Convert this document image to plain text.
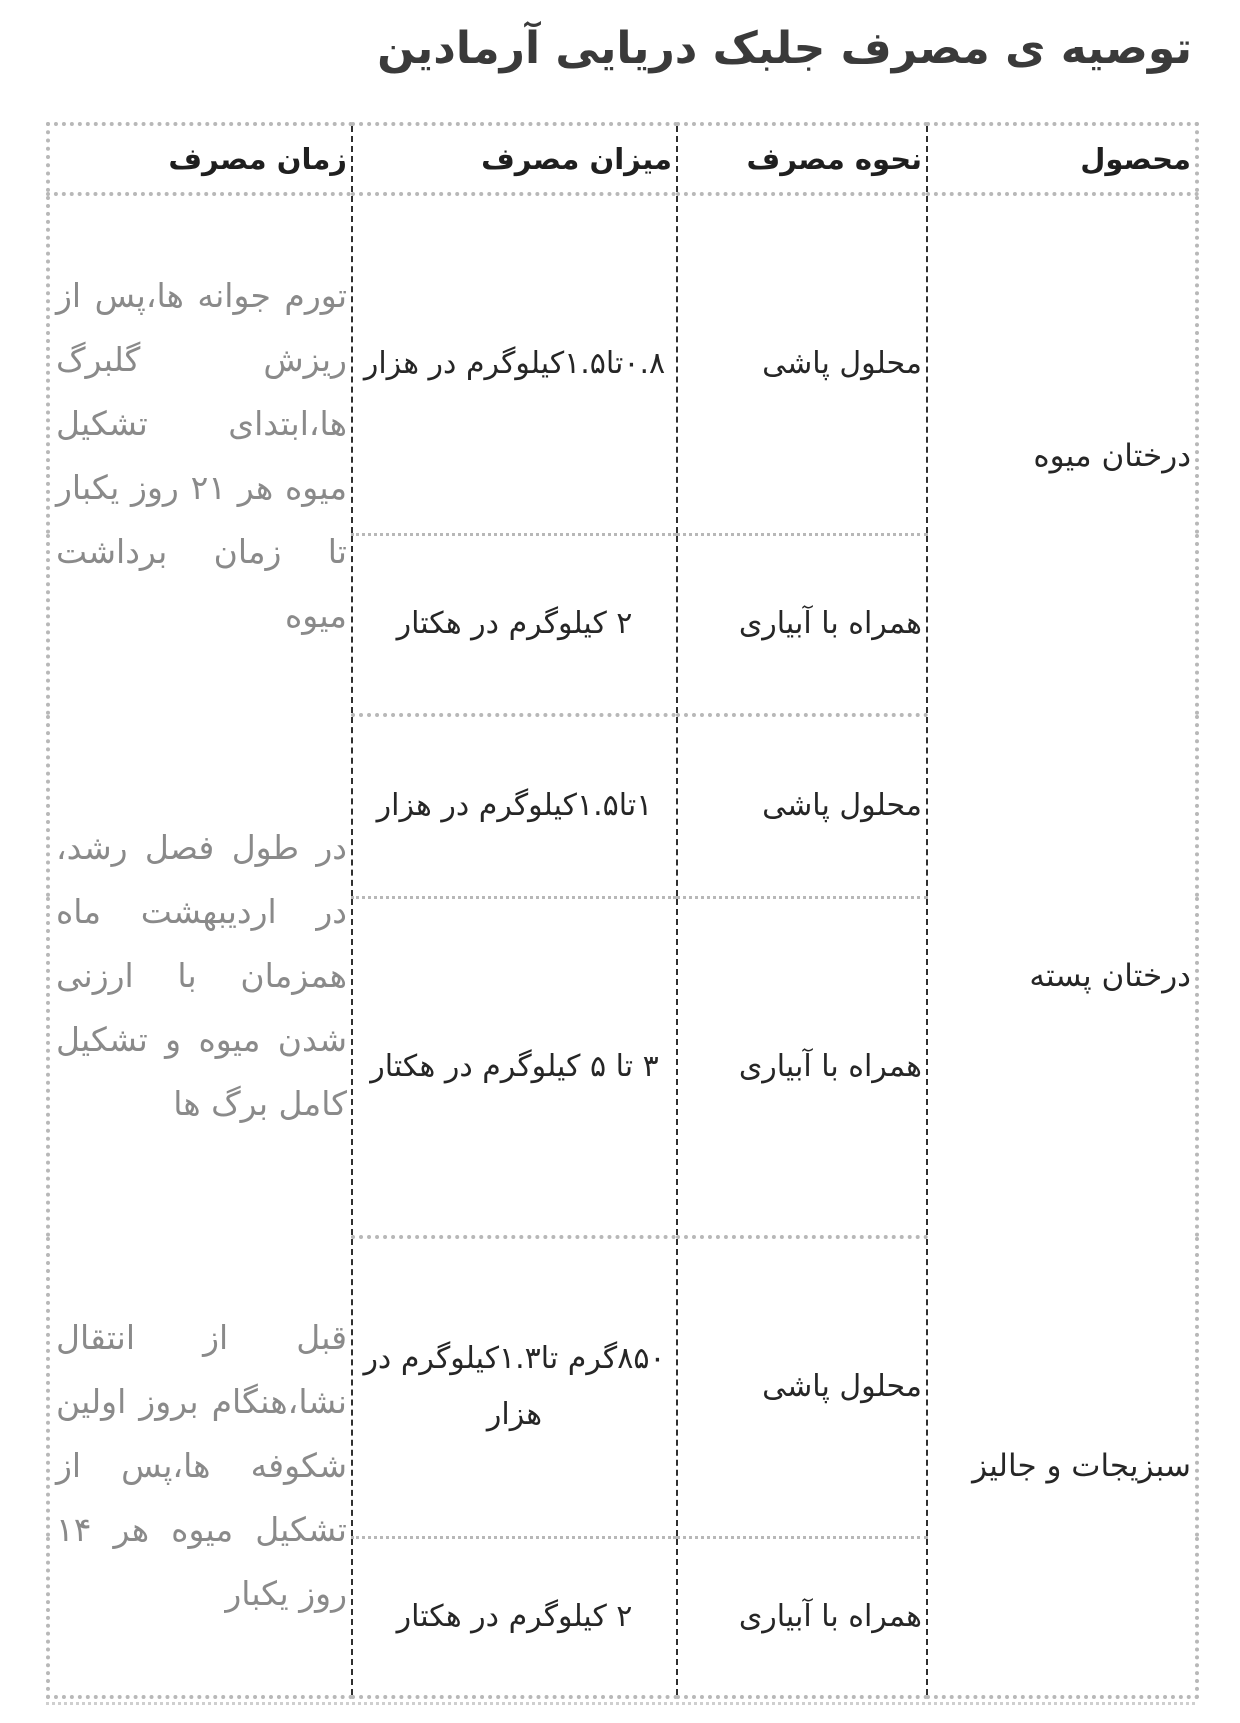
توصیه ی مصرف جلبک دریایی آرمادین
محصول	نحوه مصرف	میزان مصرف	زمان مصرف
درختان میوه	محلول پاشی	۰.۸تا۱.۵کیلوگرم در هزار	تورم جوانه ها،پس از ریزش گلبرگ ها،ابتدای تشکیل میوه هر ۲۱ روز یکبار تا زمان برداشت میوه
	همراه با آبیاری	۲ کیلوگرم در هکتار	
درختان پسته	محلول پاشی	۱تا۱.۵کیلوگرم در هزار	در طول فصل رشد، در اردیبهشت ماه همزمان با ارزنی شدن میوه و تشکیل کامل برگ ها
	همراه با آبیاری	۳ تا ۵ کیلوگرم در هکتار	
سبزیجات و جالیز	محلول پاشی	۸۵۰گرم تا۱.۳کیلوگرم در هزار	قبل از انتقال نشا،هنگام بروز اولین شکوفه ها،پس از تشکیل میوه هر ۱۴ روز یکبار
	همراه با آبیاری	۲ کیلوگرم در هکتار	
